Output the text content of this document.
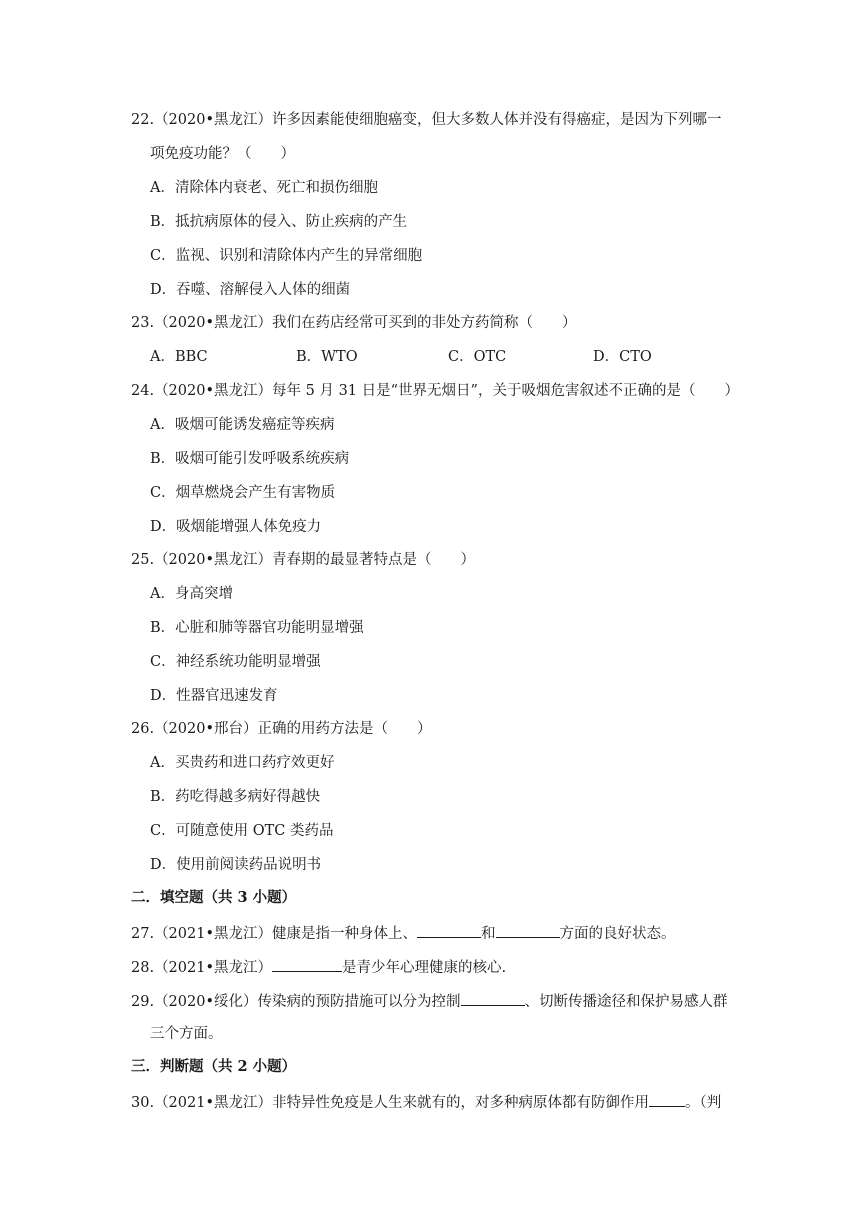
22.（2020•黑龙江）许多因素能使细胞癌变，但大多数人体并没有得癌症，是因为下列哪一
项免疫功能？（　　）
A．清除体内衰老、死亡和损伤细胞
B．抵抗病原体的侵入、防止疾病的产生
C．监视、识别和清除体内产生的异常细胞
D．吞噬、溶解侵入人体的细菌
23.（2020•黑龙江）我们在药店经常可买到的非处方药简称（　　）
A．BBC	B．WTO	C．OTC	D．CTO
24.（2020•黑龙江）每年 5 月 31 日是“世界无烟日”，关于吸烟危害叙述不正确的是（　　）
A．吸烟可能诱发癌症等疾病
B．吸烟可能引发呼吸系统疾病
C．烟草燃烧会产生有害物质
D．吸烟能增强人体免疫力
25.（2020•黑龙江）青春期的最显著特点是（　　）
A．身高突增
B．心脏和肺等器官功能明显增强
C．神经系统功能明显增强
D．性器官迅速发育
26.（2020•邢台）正确的用药方法是（　　）
A．买贵药和进口药疗效更好
B．药吃得越多病好得越快
C．可随意使用 OTC 类药品
D．使用前阅读药品说明书
二．填空题（共 3 小题）
27.（2021•黑龙江）健康是指一种身体上、	和	方面的良好状态。
28.（2021•黑龙江）	是青少年心理健康的核心.
29.（2020•绥化）传染病的预防措施可以分为控制	、切断传播途径和保护易感人群
三个方面。
三．判断题（共 2 小题）
30.（2021•黑龙江）非特异性免疫是人生来就有的，对多种病原体都有防御作用 。（判
